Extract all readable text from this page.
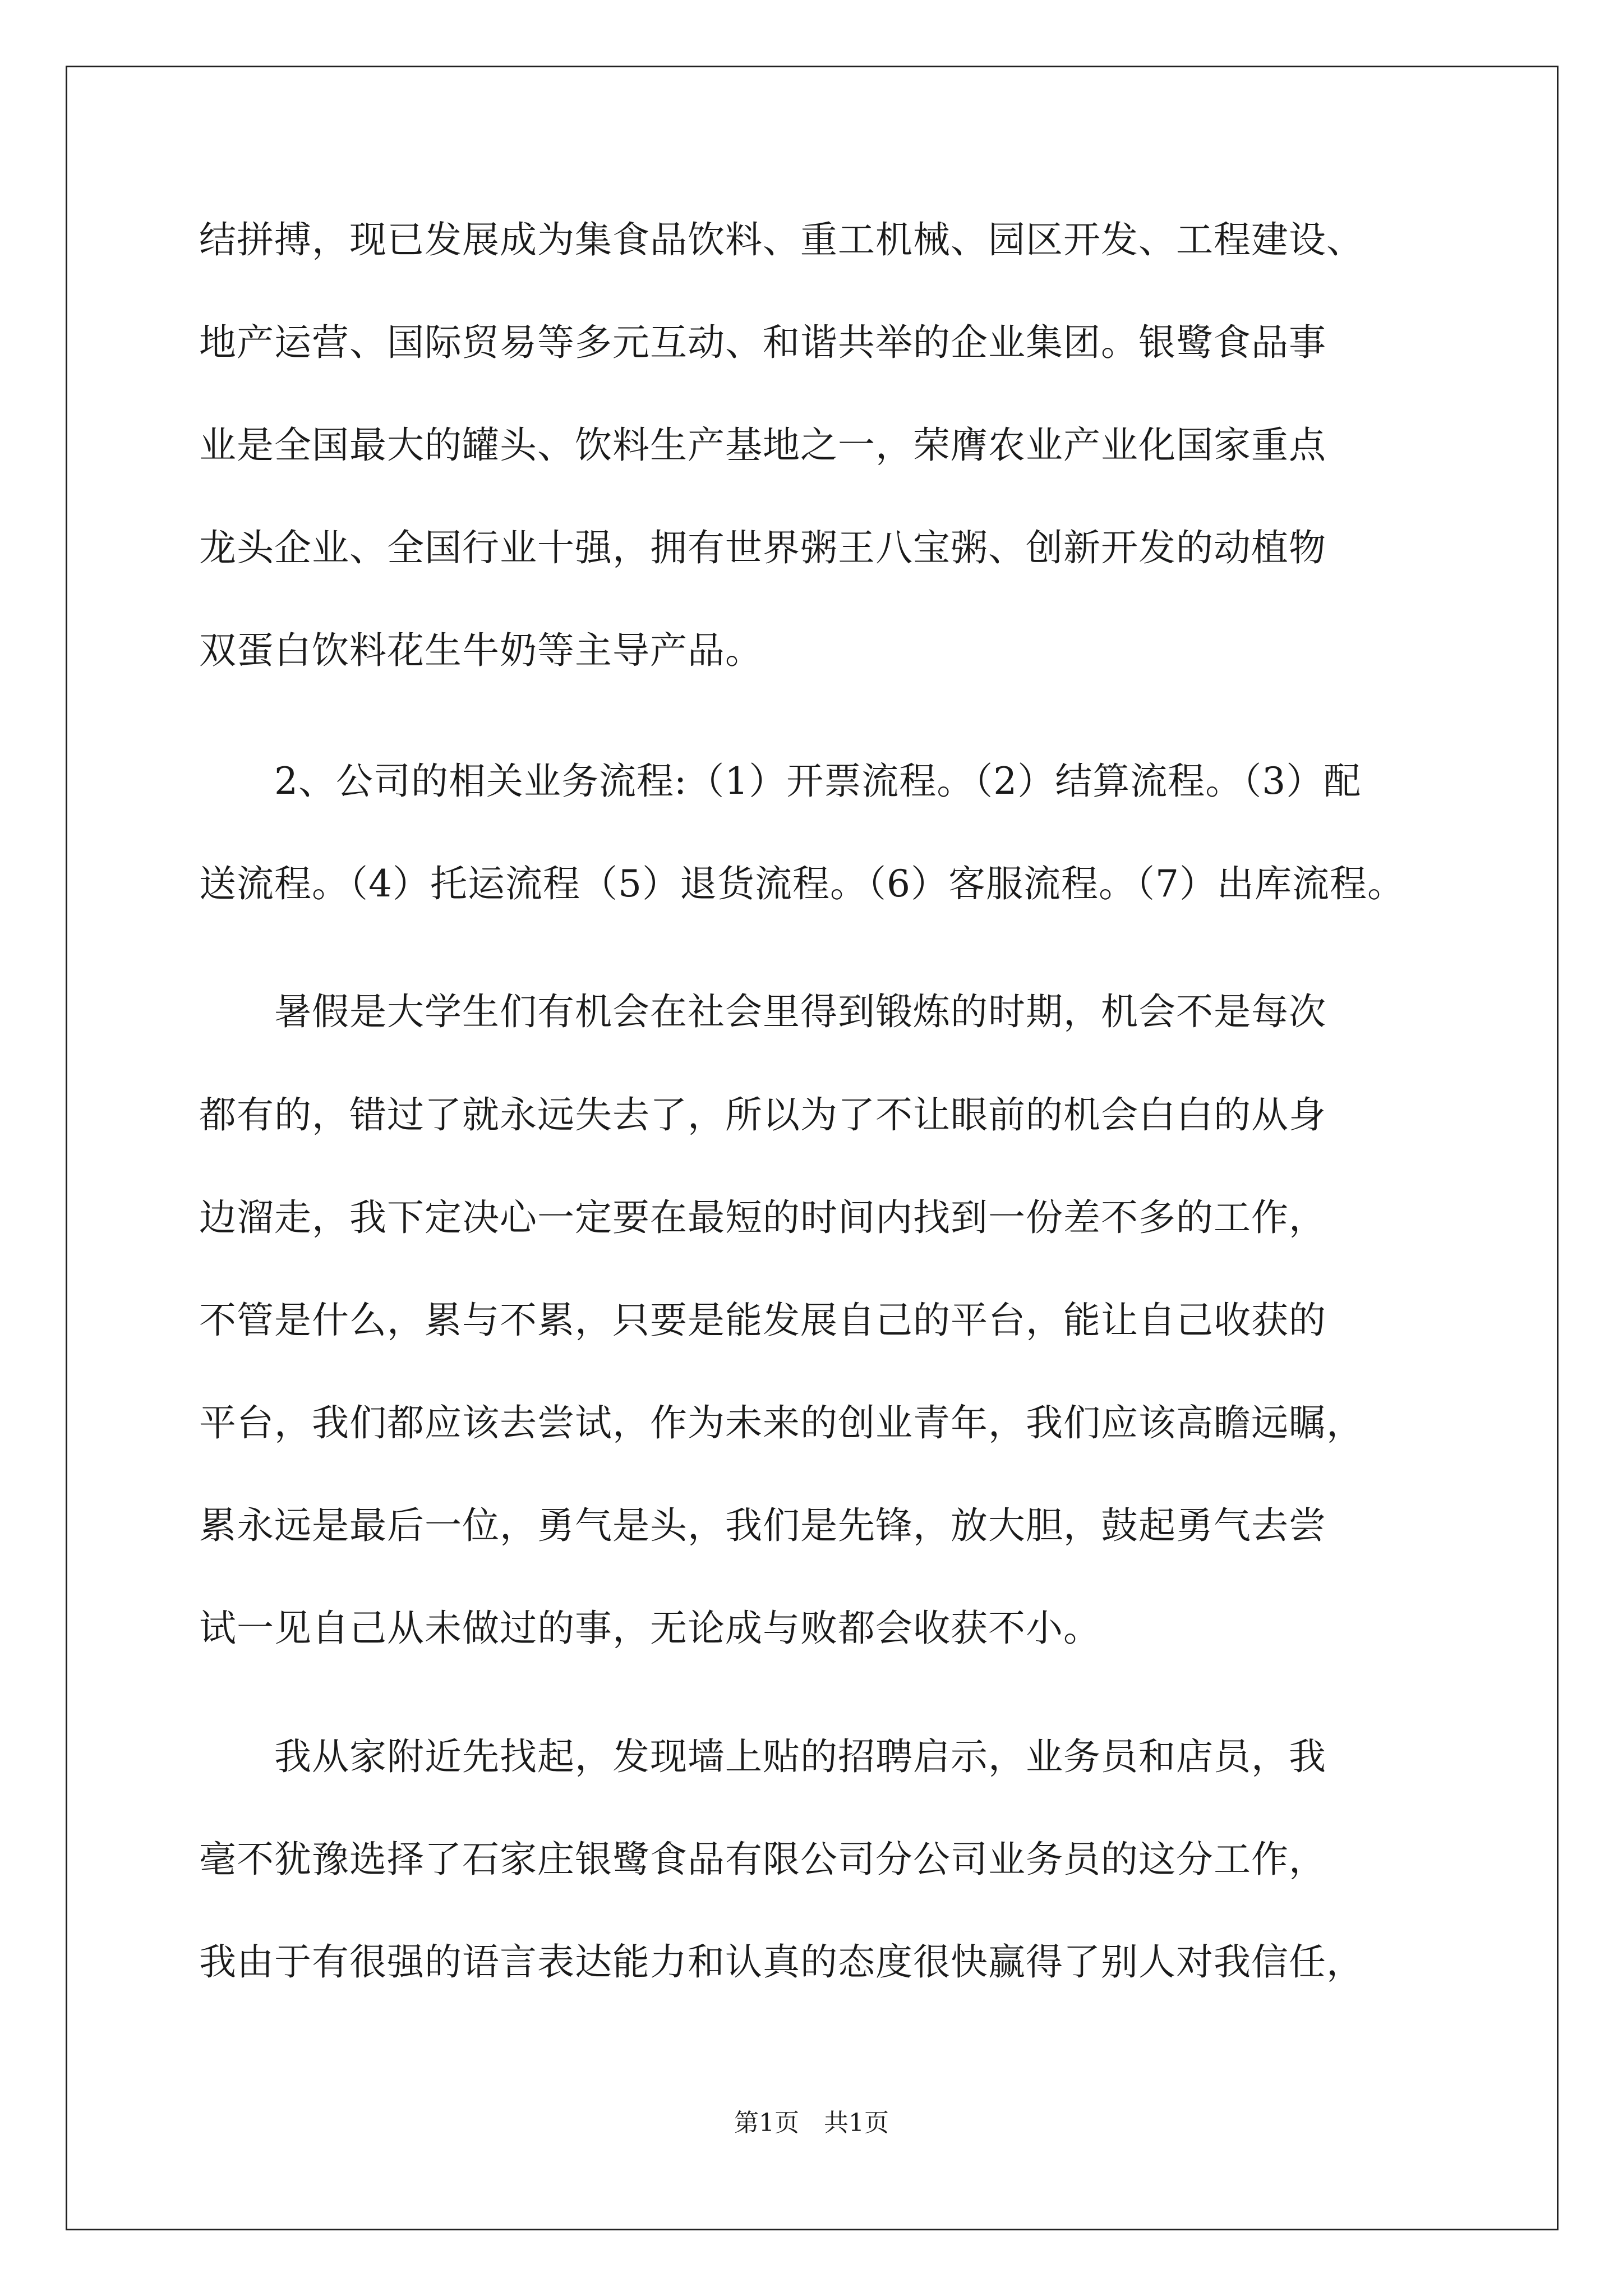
结拼搏，现已发展成为集食品饮料、重工机械、园区开发、工程建设、
地产运营、国际贸易等多元互动、和谐共举的企业集团。银鹭食品事
业是全国最大的罐头、饮料生产基地之一，荣膺农业产业化国家重点
龙头企业、全国行业十强，拥有世界粥王八宝粥、创新开发的动植物
双蛋白饮料花生牛奶等主导产品。
　　2、公司的相关业务流程:（1）开票流程。（2）结算流程。（3）配
送流程。（4）托运流程（5）退货流程。（6）客服流程。（7）出库流程。
　　暑假是大学生们有机会在社会里得到锻炼的时期，机会不是每次
都有的，错过了就永远失去了，所以为了不让眼前的机会白白的从身
边溜走，我下定决心一定要在最短的时间内找到一份差不多的工作，
不管是什么，累与不累，只要是能发展自己的平台，能让自己收获的
平台，我们都应该去尝试，作为未来的创业青年，我们应该高瞻远瞩，
累永远是最后一位，勇气是头，我们是先锋，放大胆，鼓起勇气去尝
试一见自己从未做过的事，无论成与败都会收获不小。
　　我从家附近先找起，发现墙上贴的招聘启示，业务员和店员，我
毫不犹豫选择了石家庄银鹭食品有限公司分公司业务员的这分工作，
我由于有很强的语言表达能力和认真的态度很快赢得了别人对我信任，
第1页　共1页
